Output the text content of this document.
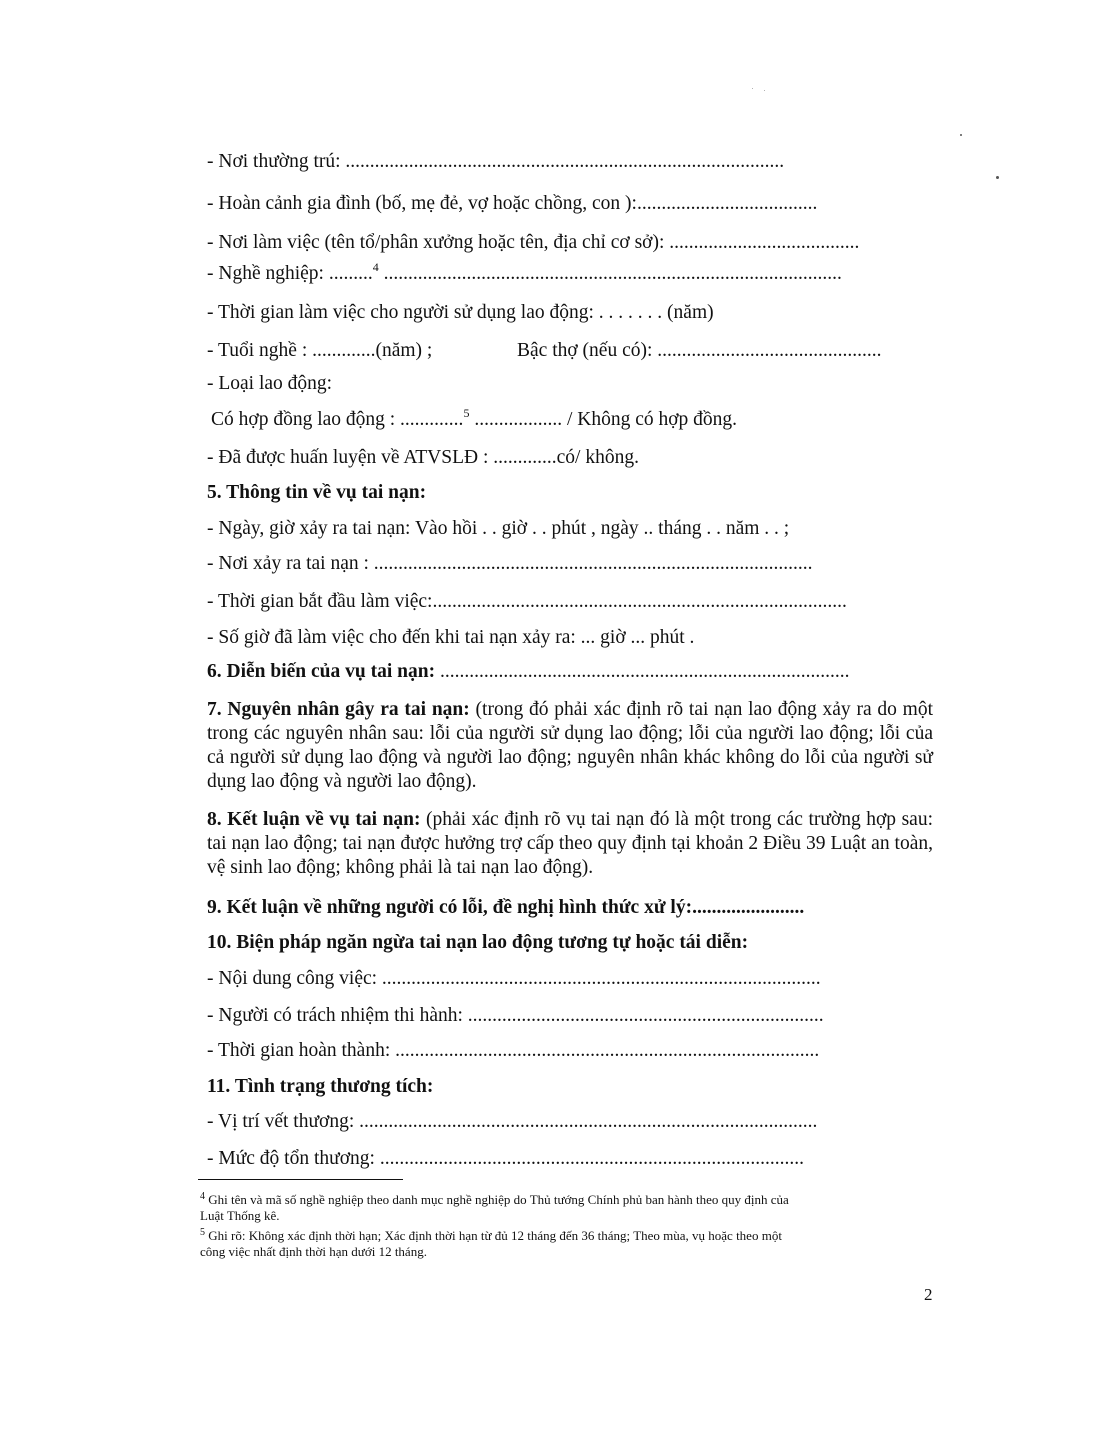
- Nơi thường trú: ..........................................................................................
- Hoàn cảnh gia đình (bố, mẹ đẻ, vợ hoặc chồng, con ):.....................................
- Nơi làm việc (tên tổ/phân xưởng hoặc tên, địa chỉ cơ sở): .......................................
- Nghề nghiệp: .........$^4$ ..............................................................................................
- Thời gian làm việc cho người sử dụng lao động: . . . . . . . (năm)
- Tuổi nghề : .............(năm) ;	Bậc thợ (nếu có): ..............................................
- Loại lao động:
Có hợp đồng lao động : .............$^5$ .................. / Không có hợp đồng.
- Đã được huấn luyện về ATVSLĐ : .............có/ không.
5. Thông tin về vụ tai nạn:
- Ngày, giờ xảy ra tai nạn: Vào hồi . . giờ . . phút , ngày .. tháng . . năm . . ;
- Nơi xảy ra tai nạn : ..........................................................................................
- Thời gian bắt đầu làm việc:.....................................................................................
- Số giờ đã làm việc cho đến khi tai nạn xảy ra: ... giờ ... phút .
6. Diễn biến của vụ tai nạn: ....................................................................................
7. Nguyên nhân gây ra tai nạn: (trong đó phải xác định rõ tai nạn lao động xảy ra do một trong các nguyên nhân sau: lỗi của người sử dụng lao động; lỗi của người lao động; lỗi của cả người sử dụng lao động và người lao động; nguyên nhân khác không do lỗi của người sử dụng lao động và người lao động).
8. Kết luận về vụ tai nạn: (phải xác định rõ vụ tai nạn đó là một trong các trường hợp sau: tai nạn lao động; tai nạn được hưởng trợ cấp theo quy định tại khoản 2 Điều 39 Luật an toàn, vệ sinh lao động; không phải là tai nạn lao động).
9. Kết luận về những người có lỗi, đề nghị hình thức xử lý:.......................
10. Biện pháp ngăn ngừa tai nạn lao động tương tự hoặc tái diễn:
- Nội dung công việc: ..........................................................................................
- Người có trách nhiệm thi hành: .........................................................................
- Thời gian hoàn thành: .......................................................................................
11. Tình trạng thương tích:
- Vị trí vết thương: ..............................................................................................
- Mức độ tổn thương: .......................................................................................
$^4$ Ghi tên và mã số nghề nghiệp theo danh mục nghề nghiệp do Thủ tướng Chính phủ ban hành theo quy định của
Luật Thống kê.
$^5$ Ghi rõ: Không xác định thời hạn; Xác định thời hạn từ đủ 12 tháng đến 36 tháng; Theo mùa, vụ hoặc theo một
công việc nhất định thời hạn dưới 12 tháng.
2
